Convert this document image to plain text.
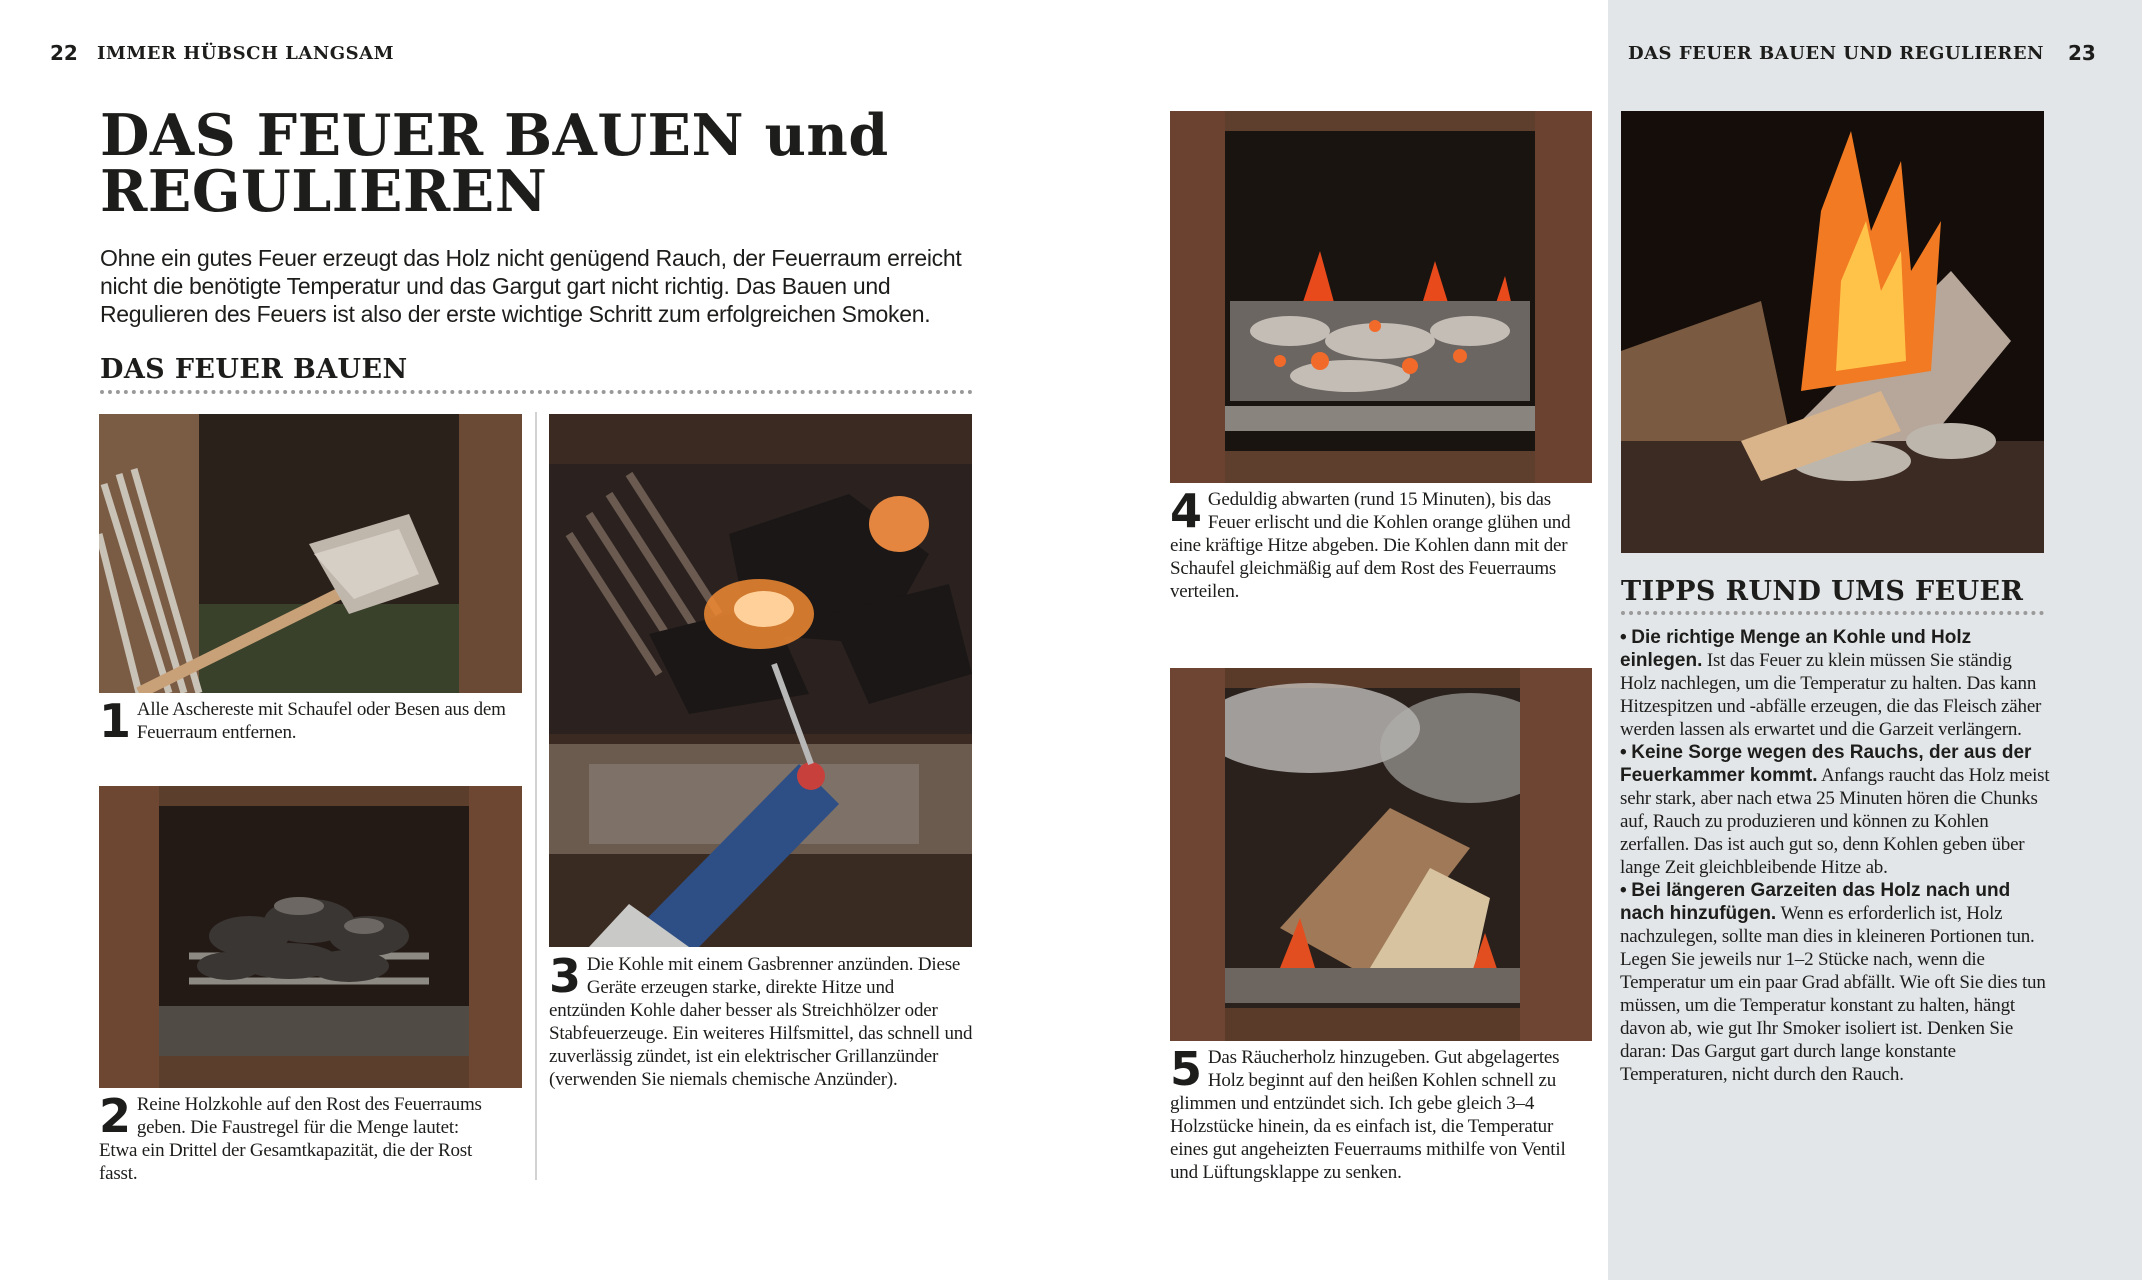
22 IMMER HÜBSCH LANGSAM	DAS FEUER BAUEN UND REGULIEREN 23
DAS FEUER BAUEN und
REGULIEREN
Ohne ein gutes Feuer erzeugt das Holz nicht genügend Rauch, der Feuerraum erreicht nicht die benötigte Temperatur und das Gargut gart nicht richtig. Das Bauen und Regulieren des Feuers ist also der erste wichtige Schritt zum erfolgreichen Smoken.
DAS FEUER BAUEN
1 Alle Aschereste mit Schaufel oder Besen aus dem Feuerraum entfernen.
2 Reine Holzkohle auf den Rost des Feuerraums geben. Die Faustregel für die Menge lautet: Etwa ein Drittel der Gesamtkapazität, die der Rost fasst.
3 Die Kohle mit einem Gasbrenner anzünden. Diese Geräte erzeugen starke, direkte Hitze und entzünden Kohle daher besser als Streichhölzer oder Stabfeuerzeuge. Ein weiteres Hilfsmittel, das schnell und zuverlässig zündet, ist ein elektrischer Grillanzünder (verwenden Sie niemals chemische Anzünder).
4 Geduldig abwarten (rund 15 Minuten), bis das Feuer erlischt und die Kohlen orange glühen und eine kräftige Hitze abgeben. Die Kohlen dann mit der Schaufel gleichmäßig auf dem Rost des Feuerraums verteilen.
5 Das Räucherholz hinzugeben. Gut abgelagertes Holz beginnt auf den heißen Kohlen schnell zu glimmen und entzündet sich. Ich gebe gleich 3–4 Holzstücke hinein, da es einfach ist, die Temperatur eines gut angeheizten Feuerraums mithilfe von Ventil und Lüftungsklappe zu senken.
TIPPS RUND UMS FEUER

• Die richtige Menge an Kohle und Holz einlegen. Ist das Feuer zu klein müssen Sie ständig Holz nachlegen, um die Temperatur zu halten. Das kann Hitzespitzen und -abfälle erzeugen, die das Fleisch zäher werden lassen als erwartet und die Garzeit verlängern.

• Keine Sorge wegen des Rauchs, der aus der Feuerkammer kommt. Anfangs raucht das Holz meist sehr stark, aber nach etwa 25 Minuten hören die Chunks auf, Rauch zu produzieren und können zu Kohlen zerfallen. Das ist auch gut so, denn Kohlen geben über lange Zeit gleichbleibende Hitze ab.

• Bei längeren Garzeiten das Holz nach und nach hinzufügen. Wenn es erforderlich ist, Holz nachzulegen, sollte man dies in kleineren Portionen tun. Legen Sie jeweils nur 1–2 Stücke nach, wenn die Temperatur um ein paar Grad abfällt. Wie oft Sie dies tun müssen, um die Temperatur konstant zu halten, hängt davon ab, wie gut Ihr Smoker isoliert ist. Denken Sie daran: Das Gargut gart durch lange konstante Temperaturen, nicht durch den Rauch.
